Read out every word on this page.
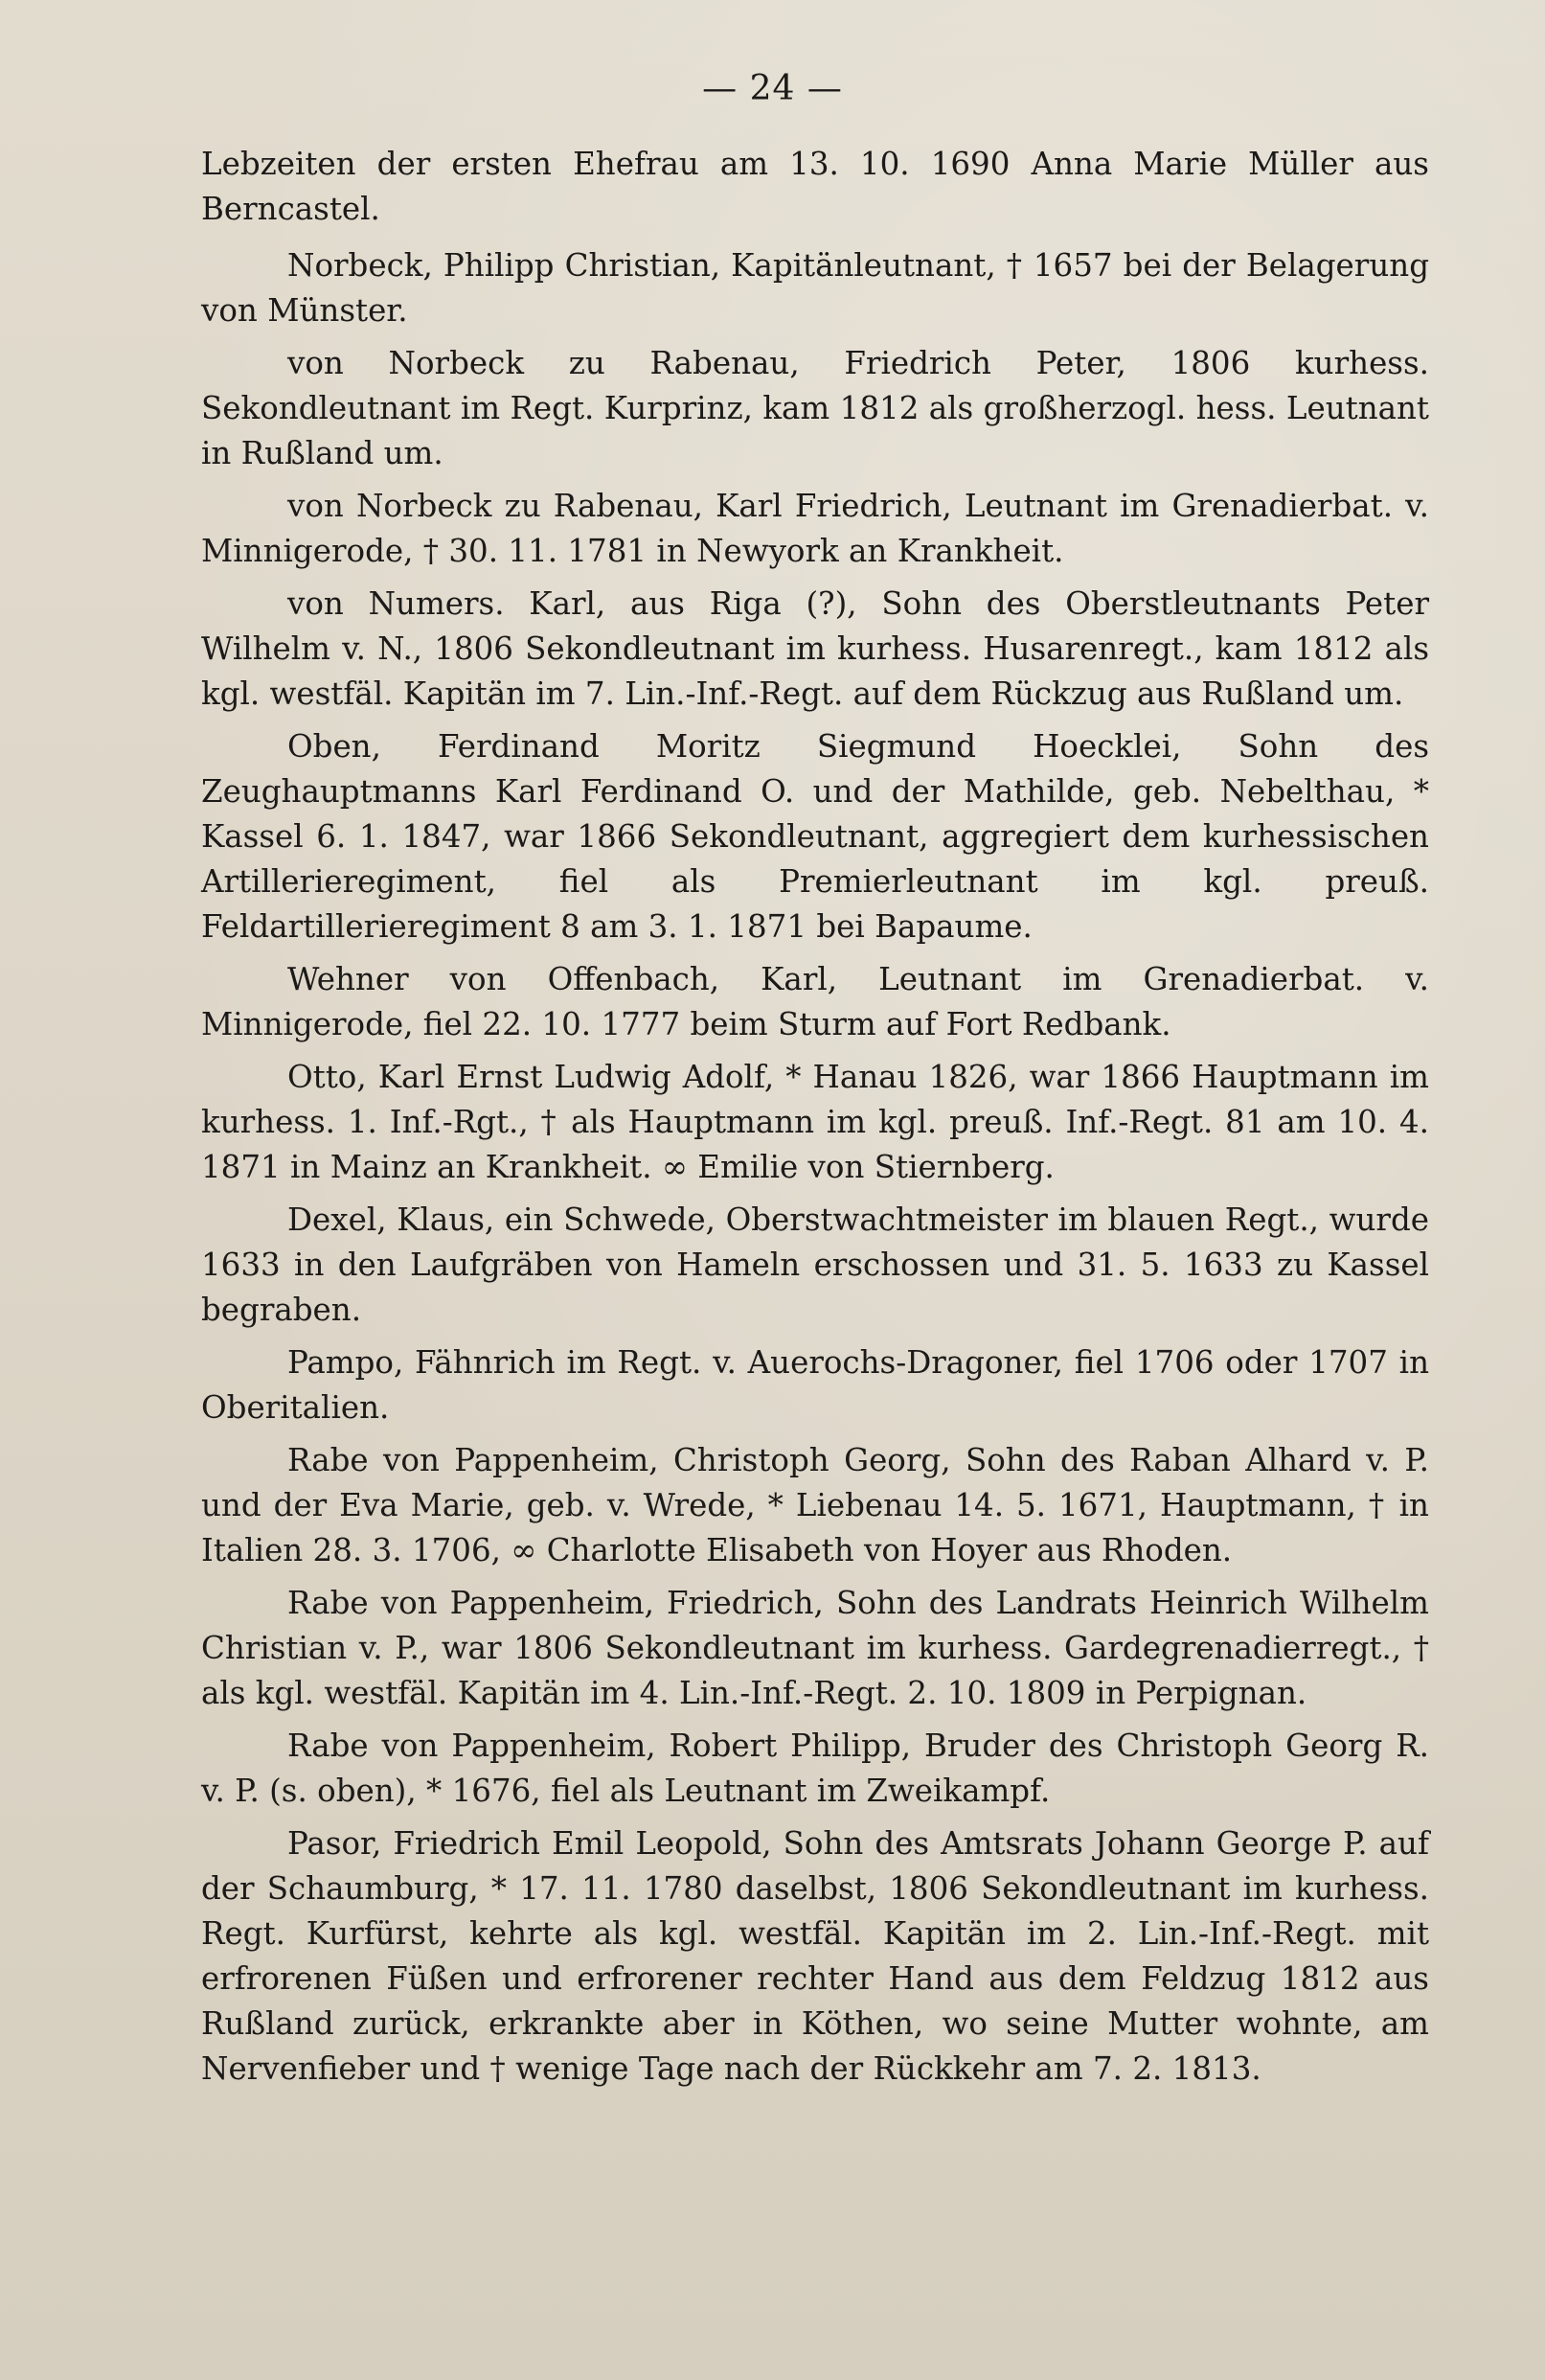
— 24 —

Lebzeiten der ersten Ehefrau am 13. 10. 1690 Anna Marie Müller aus Berncastel.

Norbeck, Philipp Christian, Kapitänleutnant, † 1657 bei der Belagerung von Münster.

von Norbeck zu Rabenau, Friedrich Peter, 1806 kurhess. Sekondleutnant im Regt. Kurprinz, kam 1812 als großherzogl. hess. Leutnant in Rußland um.

von Norbeck zu Rabenau, Karl Friedrich, Leutnant im Grenadierbat. v. Minnigerode, † 30. 11. 1781 in Newyork an Krankheit.

von Numers. Karl, aus Riga (?), Sohn des Oberstleutnants Peter Wilhelm v. N., 1806 Sekondleutnant im kurhess. Husarenregt., kam 1812 als kgl. westfäl. Kapitän im 7. Lin.-Inf.-Regt. auf dem Rückzug aus Rußland um.

Oben, Ferdinand Moritz Siegmund Hoecklei, Sohn des Zeughauptmanns Karl Ferdinand O. und der Mathilde, geb. Nebelthau, * Kassel 6. 1. 1847, war 1866 Sekondleutnant, aggregiert dem kurhessischen Artillerieregiment, fiel als Premierleutnant im kgl. preuß. Feldartillerieregiment 8 am 3. 1. 1871 bei Bapaume.

Wehner von Offenbach, Karl, Leutnant im Grenadierbat. v. Minnigerode, fiel 22. 10. 1777 beim Sturm auf Fort Redbank.

Otto, Karl Ernst Ludwig Adolf, * Hanau 1826, war 1866 Hauptmann im kurhess. 1. Inf.-Rgt., † als Hauptmann im kgl. preuß. Inf.-Regt. 81 am 10. 4. 1871 in Mainz an Krankheit. ∞ Emilie von Stiernberg.

Dexel, Klaus, ein Schwede, Oberstwachtmeister im blauen Regt., wurde 1633 in den Laufgräben von Hameln erschossen und 31. 5. 1633 zu Kassel begraben.

Pampo, Fähnrich im Regt. v. Auerochs-Dragoner, fiel 1706 oder 1707 in Oberitalien.

Rabe von Pappenheim, Christoph Georg, Sohn des Raban Alhard v. P. und der Eva Marie, geb. v. Wrede, * Liebenau 14. 5. 1671, Hauptmann, † in Italien 28. 3. 1706, ∞ Charlotte Elisabeth von Hoyer aus Rhoden.

Rabe von Pappenheim, Friedrich, Sohn des Landrats Heinrich Wilhelm Christian v. P., war 1806 Sekondleutnant im kurhess. Gardegrenadierregt., † als kgl. westfäl. Kapitän im 4. Lin.-Inf.-Regt. 2. 10. 1809 in Perpignan.

Rabe von Pappenheim, Robert Philipp, Bruder des Christoph Georg R. v. P. (s. oben), * 1676, fiel als Leutnant im Zweikampf.

Pasor, Friedrich Emil Leopold, Sohn des Amtsrats Johann George P. auf der Schaumburg, * 17. 11. 1780 daselbst, 1806 Sekondleutnant im kurhess. Regt. Kurfürst, kehrte als kgl. westfäl. Kapitän im 2. Lin.-Inf.-Regt. mit erfrorenen Füßen und erfrorener rechter Hand aus dem Feldzug 1812 aus Rußland zurück, erkrankte aber in Köthen, wo seine Mutter wohnte, am Nervenfieber und † wenige Tage nach der Rückkehr am 7. 2. 1813.
